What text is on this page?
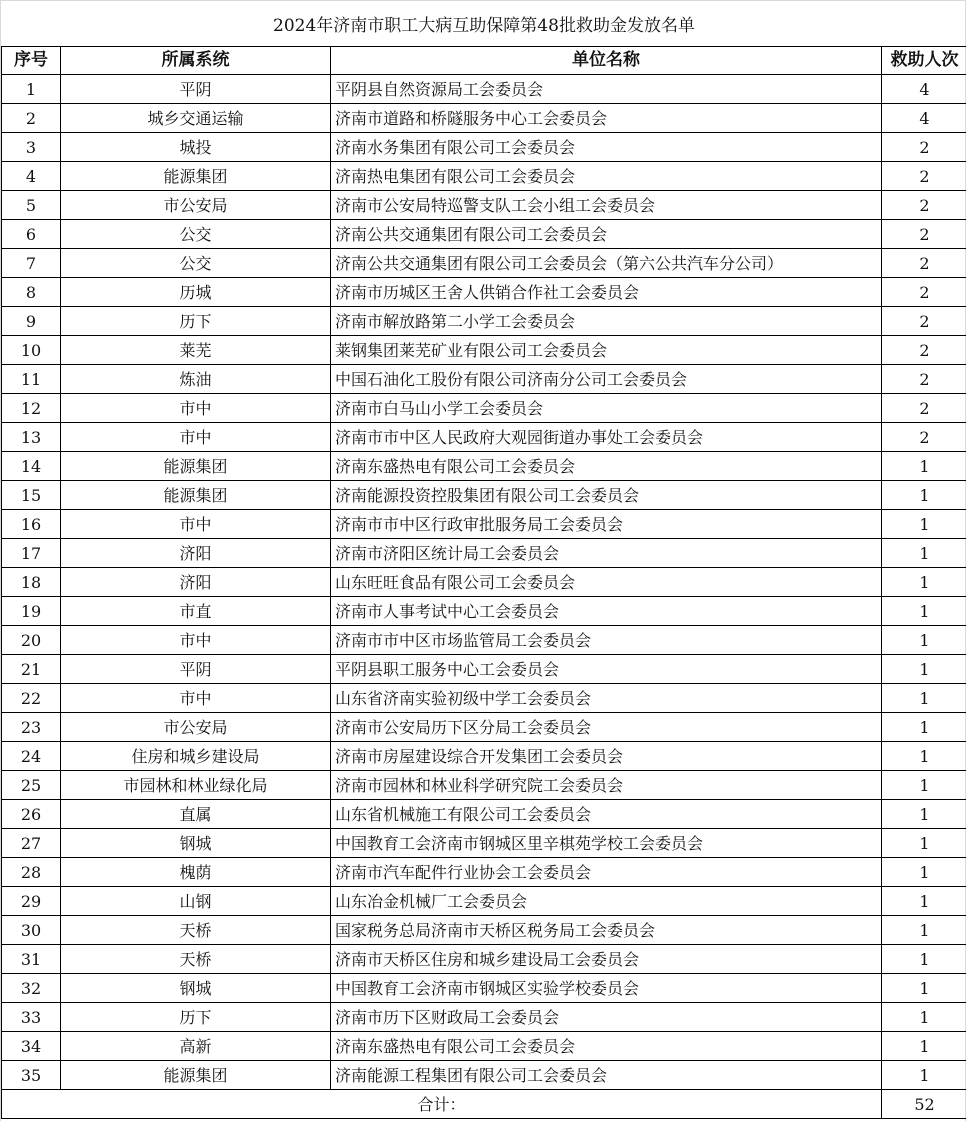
2024年济南市职工大病互助保障第48批救助金发放名单
序号	所属系统	单位名称	救助人次
1	平阴	平阴县自然资源局工会委员会	4
2	城乡交通运输	济南市道路和桥隧服务中心工会委员会	4
3	城投	济南水务集团有限公司工会委员会	2
4	能源集团	济南热电集团有限公司工会委员会	2
5	市公安局	济南市公安局特巡警支队工会小组工会委员会	2
6	公交	济南公共交通集团有限公司工会委员会	2
7	公交	济南公共交通集团有限公司工会委员会（第六公共汽车分公司）	2
8	历城	济南市历城区王舍人供销合作社工会委员会	2
9	历下	济南市解放路第二小学工会委员会	2
10	莱芜	莱钢集团莱芜矿业有限公司工会委员会	2
11	炼油	中国石油化工股份有限公司济南分公司工会委员会	2
12	市中	济南市白马山小学工会委员会	2
13	市中	济南市市中区人民政府大观园街道办事处工会委员会	2
14	能源集团	济南东盛热电有限公司工会委员会	1
15	能源集团	济南能源投资控股集团有限公司工会委员会	1
16	市中	济南市市中区行政审批服务局工会委员会	1
17	济阳	济南市济阳区统计局工会委员会	1
18	济阳	山东旺旺食品有限公司工会委员会	1
19	市直	济南市人事考试中心工会委员会	1
20	市中	济南市市中区市场监管局工会委员会	1
21	平阴	平阴县职工服务中心工会委员会	1
22	市中	山东省济南实验初级中学工会委员会	1
23	市公安局	济南市公安局历下区分局工会委员会	1
24	住房和城乡建设局	济南市房屋建设综合开发集团工会委员会	1
25	市园林和林业绿化局	济南市园林和林业科学研究院工会委员会	1
26	直属	山东省机械施工有限公司工会委员会	1
27	钢城	中国教育工会济南市钢城区里辛棋苑学校工会委员会	1
28	槐荫	济南市汽车配件行业协会工会委员会	1
29	山钢	山东冶金机械厂工会委员会	1
30	天桥	国家税务总局济南市天桥区税务局工会委员会	1
31	天桥	济南市天桥区住房和城乡建设局工会委员会	1
32	钢城	中国教育工会济南市钢城区实验学校委员会	1
33	历下	济南市历下区财政局工会委员会	1
34	高新	济南东盛热电有限公司工会委员会	1
35	能源集团	济南能源工程集团有限公司工会委员会	1
合计：			52
